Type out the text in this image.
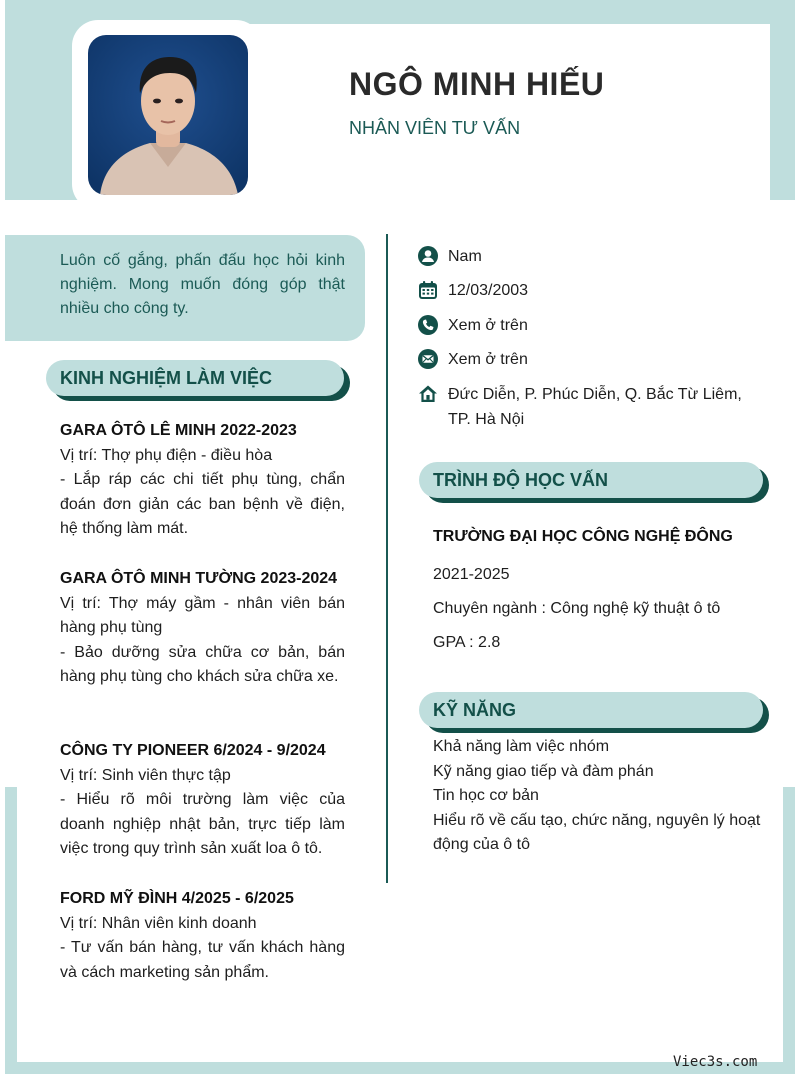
NGÔ MINH HIẾU
NHÂN VIÊN TƯ VẤN
Luôn cố gắng, phấn đấu học hỏi kinh nghiệm. Mong muốn đóng góp thật nhiều cho công ty.
KINH NGHIỆM LÀM VIỆC
GARA ÔTÔ LÊ MINH 2022-2023
Vị trí: Thợ phụ điện - điều hòa
- Lắp ráp các chi tiết phụ tùng, chẩn đoán đơn giản các ban bệnh về điện, hệ thống làm mát.
GARA ÔTÔ MINH TƯỜNG 2023-2024
Vị trí: Thợ máy gầm - nhân viên bán hàng phụ tùng
- Bảo dưỡng sửa chữa cơ bản, bán hàng phụ tùng cho khách sửa chữa xe.
CÔNG TY PIONEER 6/2024 - 9/2024
Vị trí: Sinh viên thực tập
- Hiểu rõ môi trường làm việc của doanh nghiệp nhật bản, trực tiếp làm việc trong quy trình sản xuất loa ô tô.
FORD MỸ ĐÌNH 4/2025 - 6/2025
Vị trí: Nhân viên kinh doanh
- Tư vấn bán hàng, tư vấn khách hàng và cách marketing sản phẩm.
Nam
12/03/2003
Xem ở trên
Xem ở trên
Đức Diễn, P. Phúc Diễn, Q. Bắc Từ Liêm, TP. Hà Nội
TRÌNH ĐỘ HỌC VẤN
TRƯỜNG ĐẠI HỌC CÔNG NGHỆ ĐÔNG
2021-2025
Chuyên ngành : Công nghệ kỹ thuật ô tô
GPA : 2.8
KỸ NĂNG
Khả năng làm việc nhóm
Kỹ năng giao tiếp và đàm phán
Tin học cơ bản
Hiểu rõ về cấu tạo, chức năng, nguyên lý hoạt động của ô tô
Viec3s.com
